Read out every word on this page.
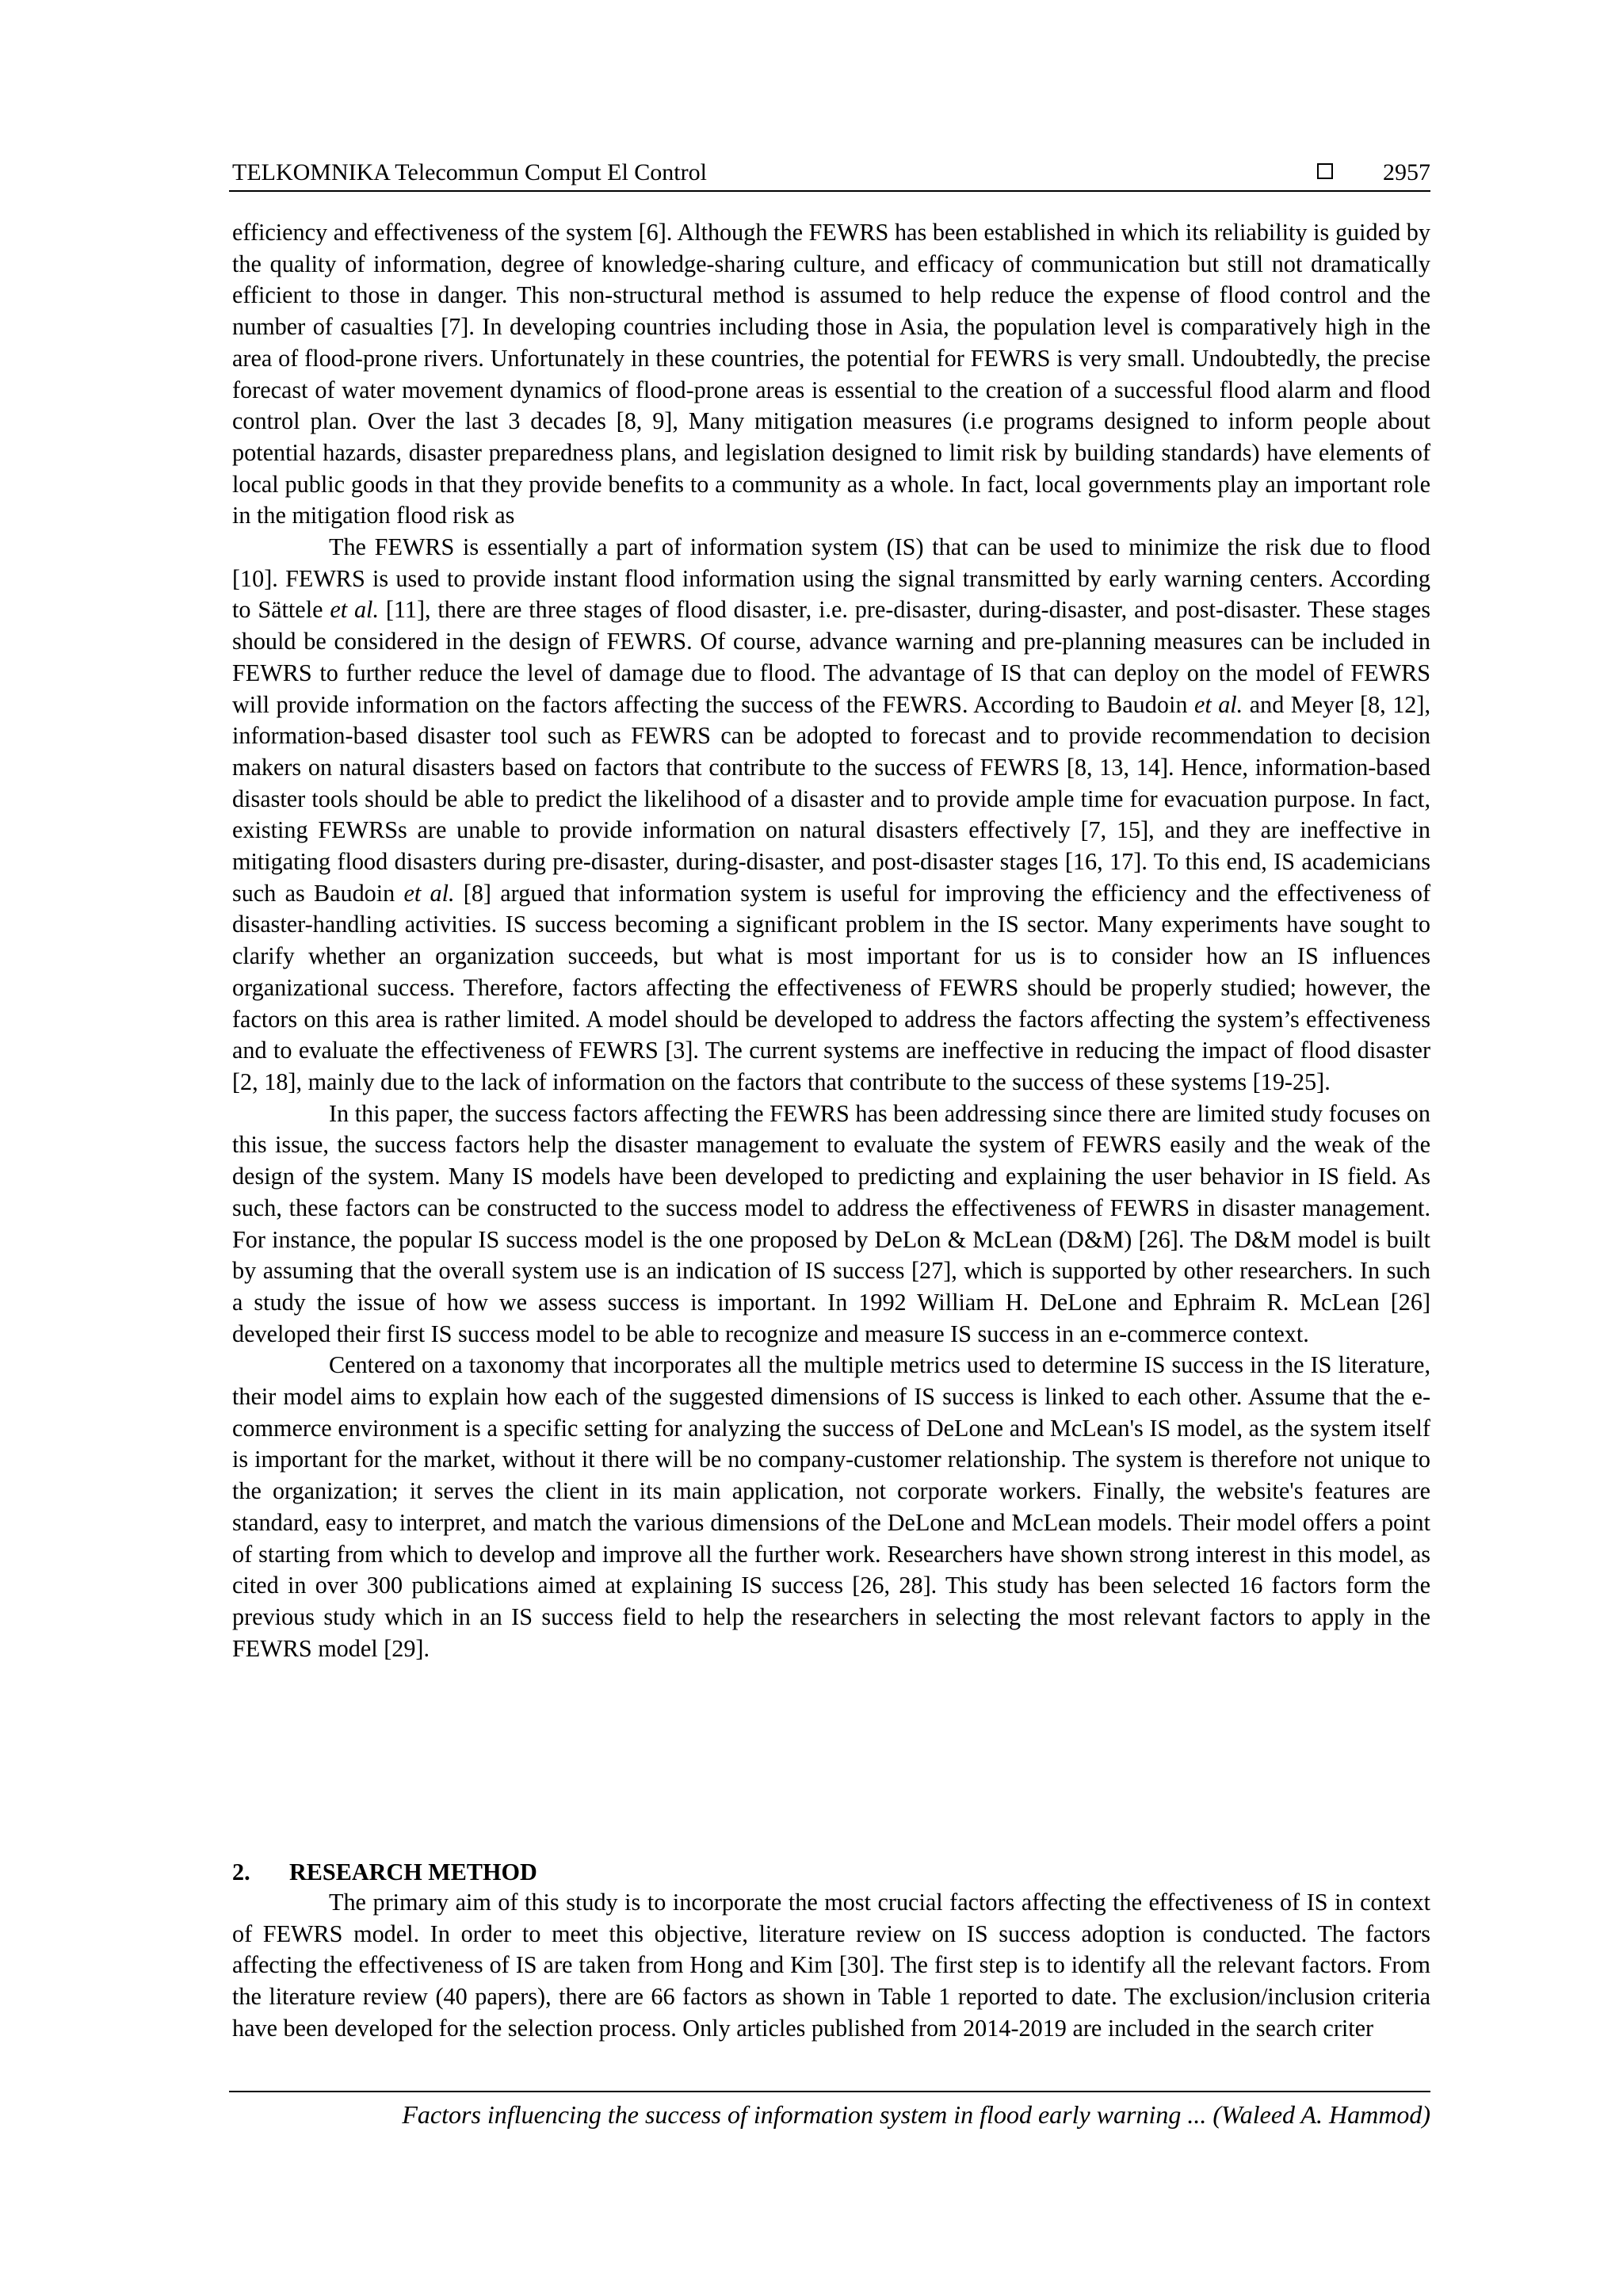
TELKOMNIKA Telecommun Comput El Control	2957

efficiency and effectiveness of the system [6]. Although the FEWRS has been established in which its reliability is guided by the quality of information, degree of knowledge-sharing culture, and efficacy of communication but still not dramatically efficient to those in danger. This non-structural method is assumed to help reduce the expense of flood control and the number of casualties [7]. In developing countries including those in Asia, the population level is comparatively high in the area of flood-prone rivers. Unfortunately in these countries, the potential for FEWRS is very small. Undoubtedly, the precise forecast of water movement dynamics of flood-prone areas is essential to the creation of a successful flood alarm and flood control plan. Over the last 3 decades [8, 9], Many mitigation measures (i.e programs designed to inform people about potential hazards, disaster preparedness plans, and legislation designed to limit risk by building standards) have elements of local public goods in that they provide benefits to a community as a whole. In fact, local governments play an important role in the mitigation flood risk as

The FEWRS is essentially a part of information system (IS) that can be used to minimize the risk due to flood [10]. FEWRS is used to provide instant flood information using the signal transmitted by early warning centers. According to Sättele et al. [11], there are three stages of flood disaster, i.e. pre-disaster, during-disaster, and post-disaster. These stages should be considered in the design of FEWRS. Of course, advance warning and pre-planning measures can be included in FEWRS to further reduce the level of damage due to flood. The advantage of IS that can deploy on the model of FEWRS will provide information on the factors affecting the success of the FEWRS. According to Baudoin et al. and Meyer [8, 12], information-based disaster tool such as FEWRS can be adopted to forecast and to provide recommendation to decision makers on natural disasters based on factors that contribute to the success of FEWRS [8, 13, 14]. Hence, information-based disaster tools should be able to predict the likelihood of a disaster and to provide ample time for evacuation purpose. In fact, existing FEWRSs are unable to provide information on natural disasters effectively [7, 15], and they are ineffective in mitigating flood disasters during pre-disaster, during-disaster, and post-disaster stages [16, 17]. To this end, IS academicians such as Baudoin et al. [8] argued that information system is useful for improving the efficiency and the effectiveness of disaster-handling activities. IS success becoming a significant problem in the IS sector. Many experiments have sought to clarify whether an organization succeeds, but what is most important for us is to consider how an IS influences organizational success. Therefore, factors affecting the effectiveness of FEWRS should be properly studied; however, the factors on this area is rather limited. A model should be developed to address the factors affecting the system’s effectiveness and to evaluate the effectiveness of FEWRS [3]. The current systems are ineffective in reducing the impact of flood disaster [2, 18], mainly due to the lack of information on the factors that contribute to the success of these systems [19-25].

In this paper, the success factors affecting the FEWRS has been addressing since there are limited study focuses on this issue, the success factors help the disaster management to evaluate the system of FEWRS easily and the weak of the design of the system. Many IS models have been developed to predicting and explaining the user behavior in IS field. As such, these factors can be constructed to the success model to address the effectiveness of FEWRS in disaster management. For instance, the popular IS success model is the one proposed by DeLon & McLean (D&M) [26]. The D&M model is built by assuming that the overall system use is an indication of IS success [27], which is supported by other researchers. In such a study the issue of how we assess success is important. In 1992 William H. DeLone and Ephraim R. McLean [26] developed their first IS success model to be able to recognize and measure IS success in an e-commerce context.

Centered on a taxonomy that incorporates all the multiple metrics used to determine IS success in the IS literature, their model aims to explain how each of the suggested dimensions of IS success is linked to each other. Assume that the e-commerce environment is a specific setting for analyzing the success of DeLone and McLean's IS model, as the system itself is important for the market, without it there will be no company-customer relationship. The system is therefore not unique to the organization; it serves the client in its main application, not corporate workers. Finally, the website's features are standard, easy to interpret, and match the various dimensions of the DeLone and McLean models. Their model offers a point of starting from which to develop and improve all the further work. Researchers have shown strong interest in this model, as cited in over 300 publications aimed at explaining IS success [26, 28]. This study has been selected 16 factors form the previous study which in an IS success field to help the researchers in selecting the most relevant factors to apply in the FEWRS model [29].

2. RESEARCH METHOD

The primary aim of this study is to incorporate the most crucial factors affecting the effectiveness of IS in context of FEWRS model. In order to meet this objective, literature review on IS success adoption is conducted. The factors affecting the effectiveness of IS are taken from Hong and Kim [30]. The first step is to identify all the relevant factors. From the literature review (40 papers), there are 66 factors as shown in Table 1 reported to date. The exclusion/inclusion criteria have been developed for the selection process. Only articles published from 2014-2019 are included in the search criter

Factors influencing the success of information system in flood early warning ... (Waleed A. Hammod)
